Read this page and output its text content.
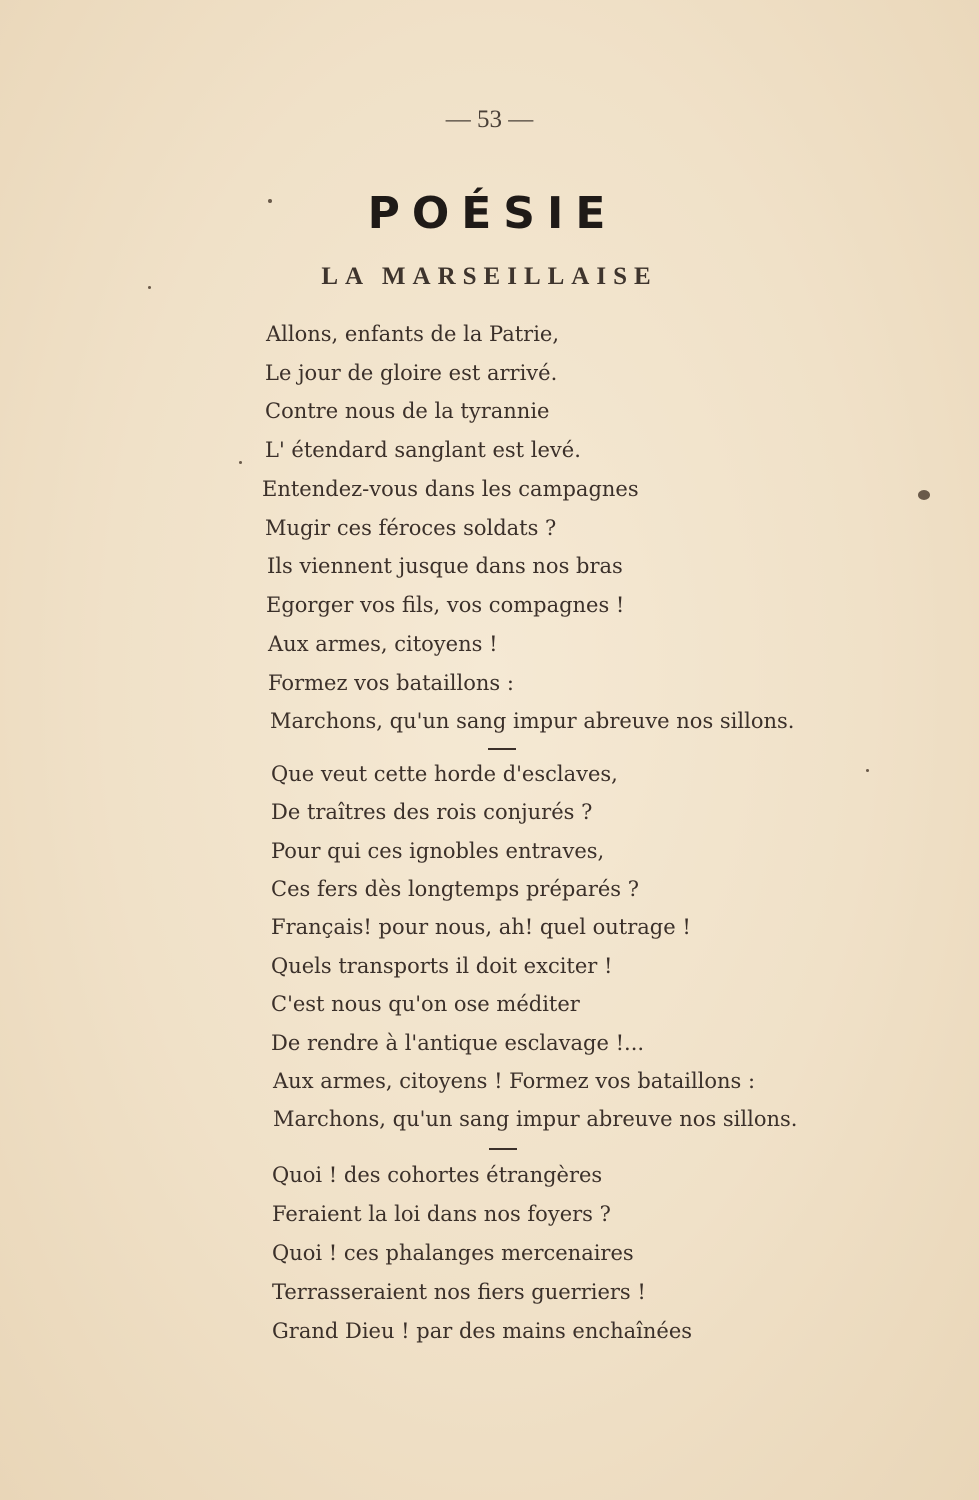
— 53 —

POÉSIE
LA MARSEILLAISE
Allons, enfants de la Patrie,
Le jour de gloire est arrivé.
Contre nous de la tyrannie
L' étendard sanglant est levé.
Entendez-vous dans les campagnes
Mugir ces féroces soldats ?
Ils viennent jusque dans nos bras
Egorger vos fils, vos compagnes !
Aux armes, citoyens !
Formez vos bataillons :
Marchons, qu'un sang impur abreuve nos sillons.
Que veut cette horde d'esclaves,
De traîtres des rois conjurés ?
Pour qui ces ignobles entraves,
Ces fers dès longtemps préparés ?
Français! pour nous, ah! quel outrage !
Quels transports il doit exciter !
C'est nous qu'on ose méditer
De rendre à l'antique esclavage !...
Aux armes, citoyens ! Formez vos bataillons :
Marchons, qu'un sang impur abreuve nos sillons.
Quoi ! des cohortes étrangères
Feraient la loi dans nos foyers ?
Quoi ! ces phalanges mercenaires
Terrasseraient nos fiers guerriers !
Grand Dieu ! par des mains enchaînées
